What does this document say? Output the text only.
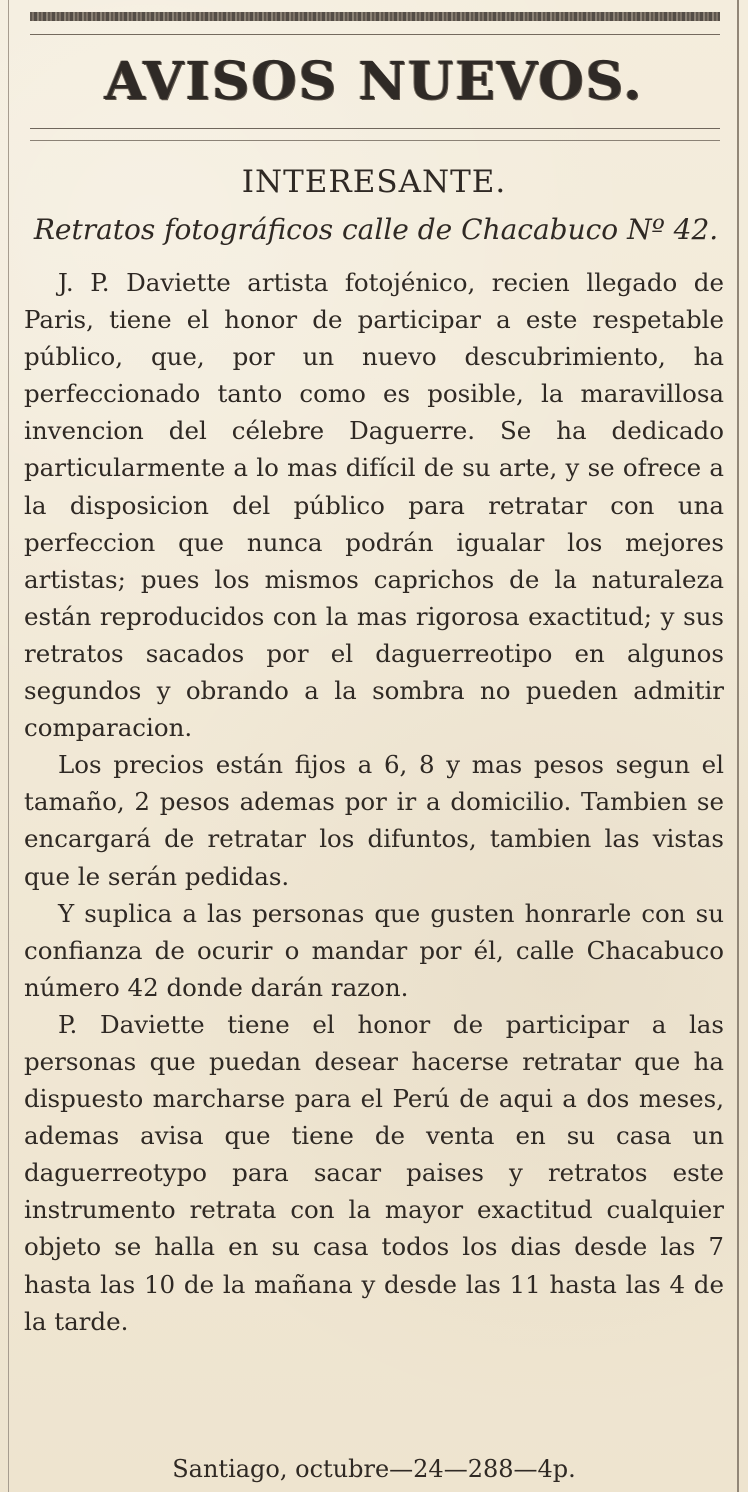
AVISOS NUEVOS.
INTERESANTE.
Retratos fotográficos calle de Chacabuco Nº 42.

J. P. Daviette artista fotojénico, recien llegado de Paris, tiene el honor de participar a este respetable público, que, por un nuevo descubrimiento, ha perfeccionado tanto como es posible, la maravillosa invencion del célebre Daguerre. Se ha dedicado particularmente a lo mas difícil de su arte, y se ofrece a la disposicion del público para retratar con una perfeccion que nunca podrán igualar los mejores artistas; pues los mismos caprichos de la naturaleza están reproducidos con la mas rigorosa exactitud; y sus retratos sacados por el daguerreotipo en algunos segundos y obrando a la sombra no pueden admitir comparacion.

Los precios están fijos a 6, 8 y mas pesos segun el tamaño, 2 pesos ademas por ir a domicilio. Tambien se encargará de retratar los difuntos, tambien las vistas que le serán pedidas.

Y suplica a las personas que gusten honrarle con su confianza de ocurir o mandar por él, calle Chacabuco número 42 donde darán razon.

P. Daviette tiene el honor de participar a las personas que puedan desear hacerse retratar que ha dispuesto marcharse para el Perú de aqui a dos meses, ademas avisa que tiene de venta en su casa un daguerreotypo para sacar paises y retratos este instrumento retrata con la mayor exactitud cualquier objeto se halla en su casa todos los dias desde las 7 hasta las 10 de la mañana y desde las 11 hasta las 4 de la tarde.

Santiago, octubre—24—288—4p.
